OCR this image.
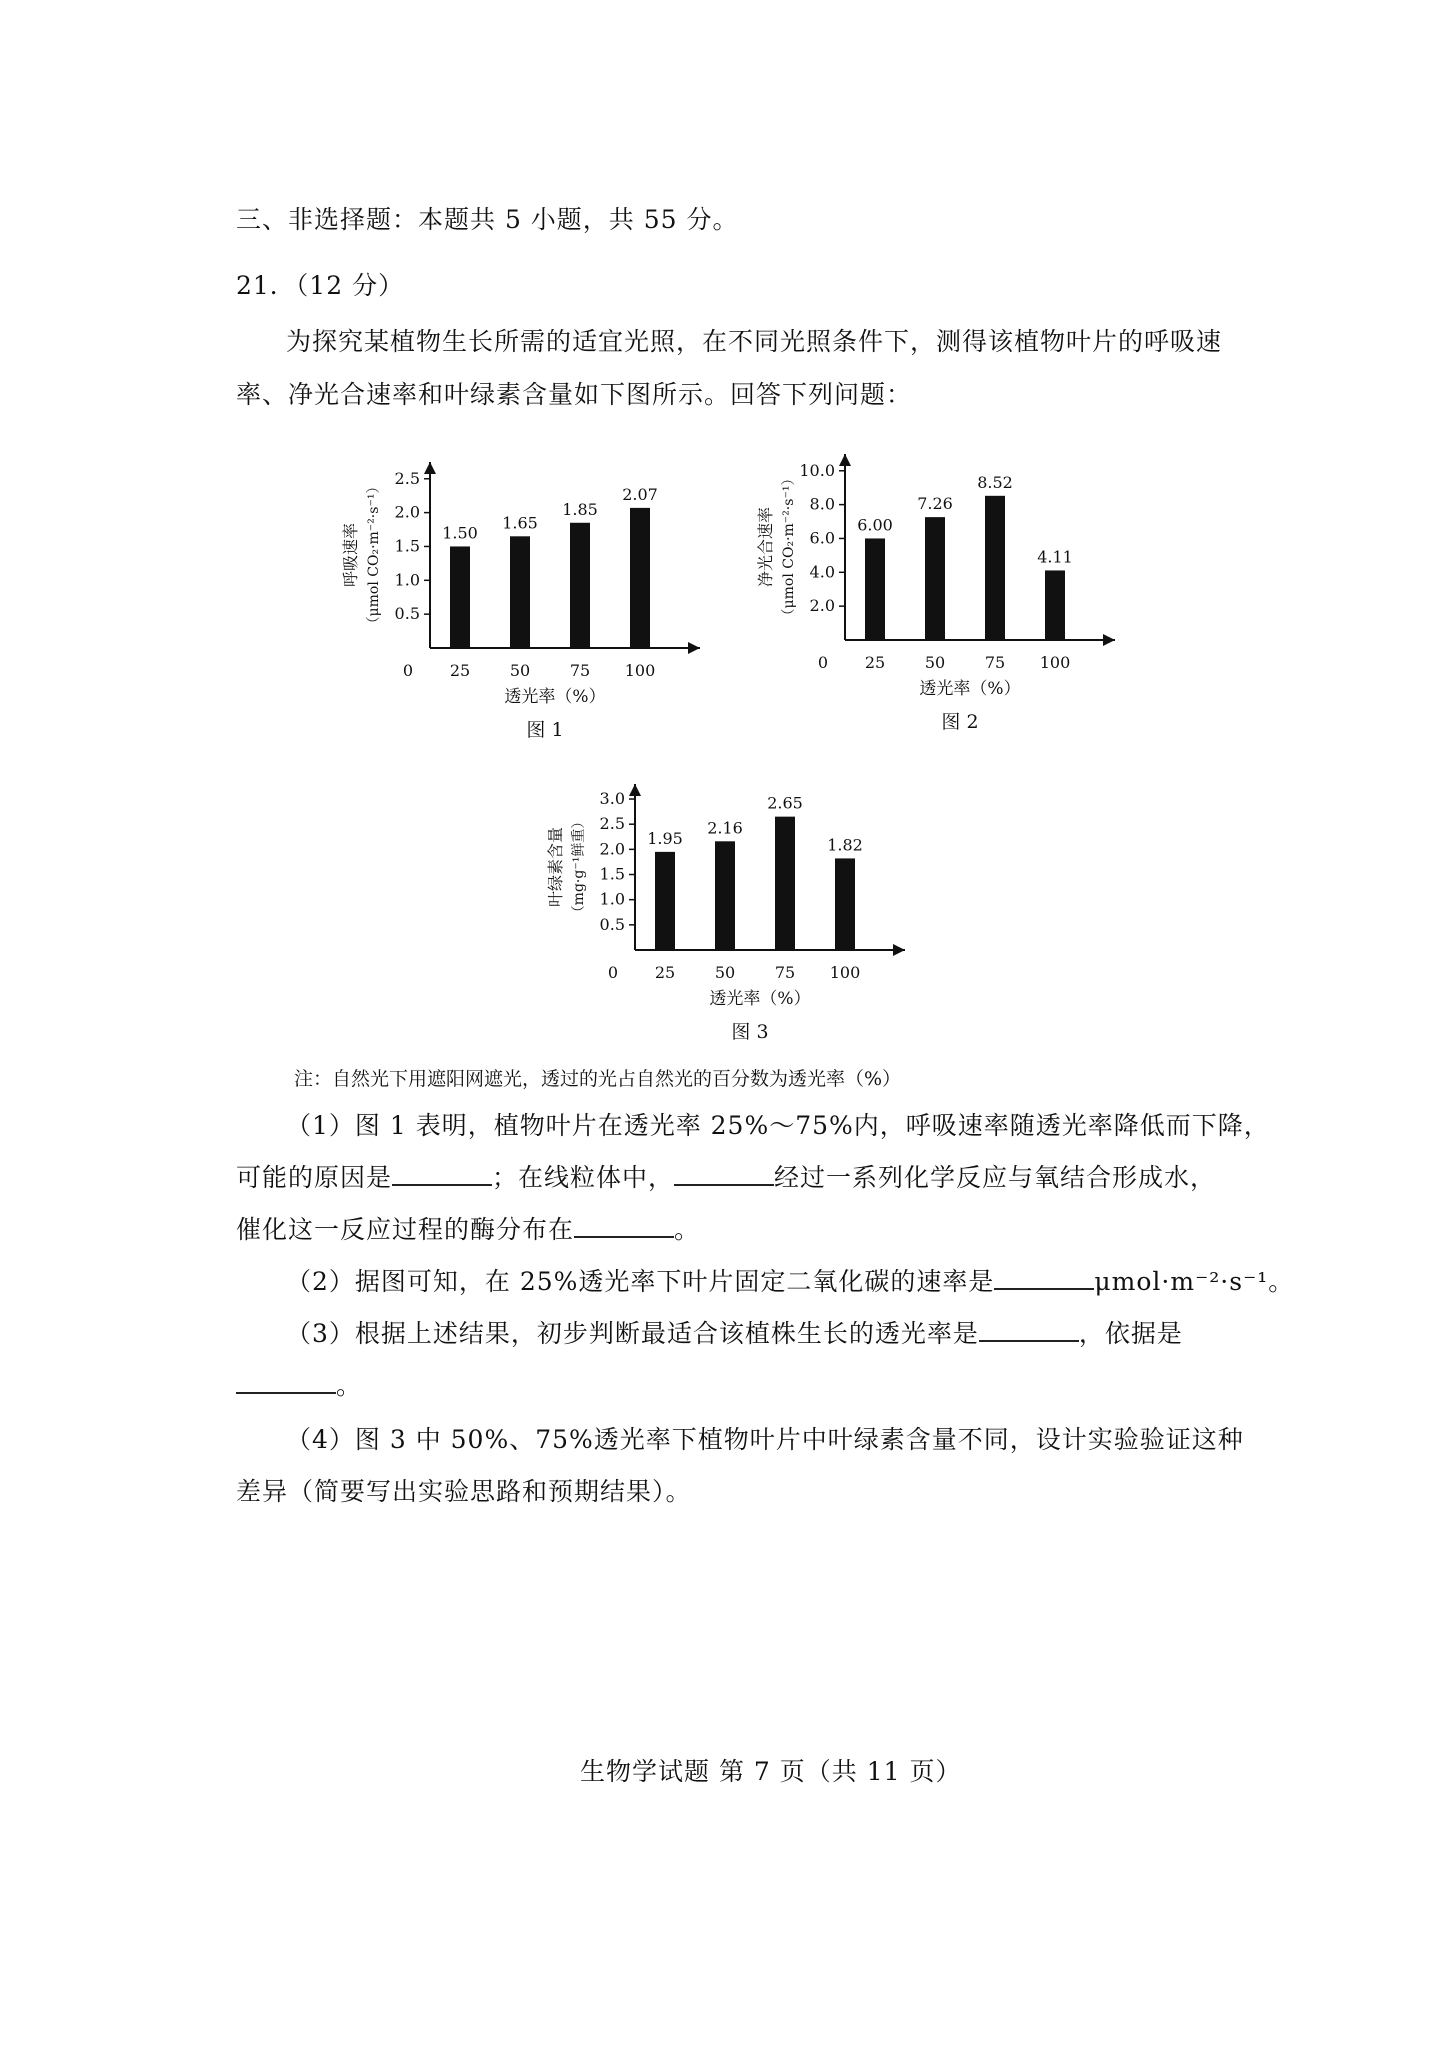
三、非选择题：本题共 5 小题，共 55 分。
21．（12 分）
为探究某植物生长所需的适宜光照，在不同光照条件下，测得该植物叶片的呼吸速
率、净光合速率和叶绿素含量如下图所示。回答下列问题：
0
0.5
1.0
1.5
2.0
2.5
1.50
25
1.65
50
1.85
75
2.07
100
透光率（%）
图 1
呼吸速率 （μmol CO₂·m⁻²·s⁻¹）
0
2.0
4.0
6.0
8.0
10.0
6.00
25
7.26
50
8.52
75
4.11
100
透光率（%）
图 2
净光合速率 （μmol CO₂·m⁻²·s⁻¹）
0
0.5
1.0
1.5
2.0
2.5
3.0
1.95
25
2.16
50
2.65
75
1.82
100
透光率（%）
图 3
叶绿素含量 （mg·g⁻¹鲜重）
注：自然光下用遮阳网遮光，透过的光占自然光的百分数为透光率（%）
（1）图 1 表明，植物叶片在透光率 25%～75%内，呼吸速率随透光率降低而下降，
可能的原因是	；在线粒体中，	经过一系列化学反应与氧结合形成水，
催化这一反应过程的酶分布在	。
（2）据图可知，在 25%透光率下叶片固定二氧化碳的速率是	μmol·m⁻²·s⁻¹。
（3）根据上述结果，初步判断最适合该植株生长的透光率是	，依据是
。
（4）图 3 中 50%、75%透光率下植物叶片中叶绿素含量不同，设计实验验证这种
差异（简要写出实验思路和预期结果）。
生物学试题 第 7 页（共 11 页）
